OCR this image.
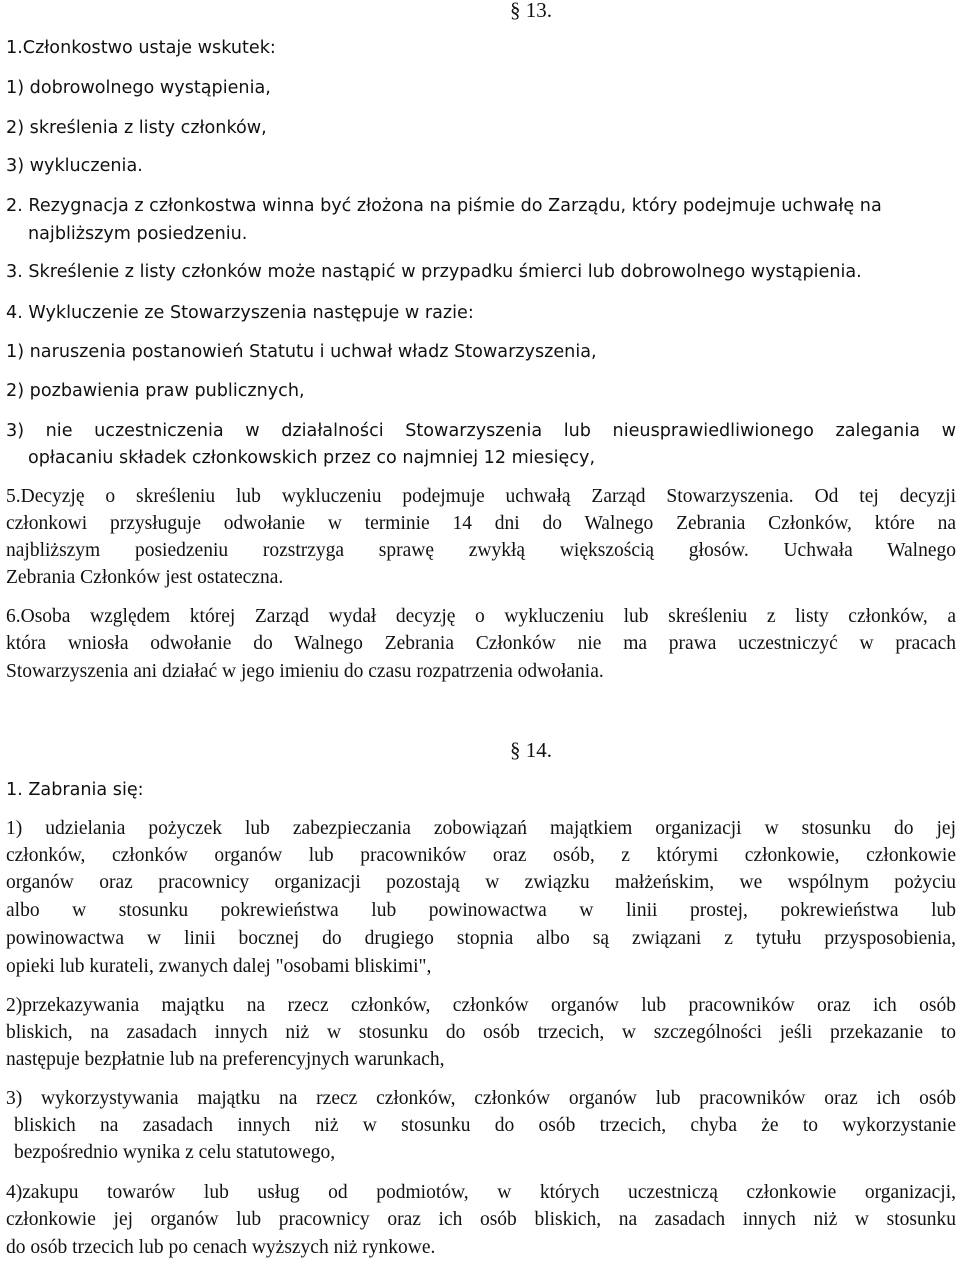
§ 13.
1.Członkostwo ustaje wskutek:
1) dobrowolnego wystąpienia,
2) skreślenia z listy członków,
3) wykluczenia.
2. Rezygnacja z członkostwa winna być złożona na piśmie do Zarządu, który podejmuje uchwałę na
najbliższym posiedzeniu.
3. Skreślenie z listy członków może nastąpić w przypadku śmierci lub dobrowolnego wystąpienia.
4. Wykluczenie ze Stowarzyszenia następuje w razie:
1) naruszenia postanowień Statutu i uchwał władz Stowarzyszenia,
2) pozbawienia praw publicznych,
3) nie uczestniczenia w działalności Stowarzyszenia lub nieusprawiedliwionego zalegania w
opłacaniu składek członkowskich przez co najmniej 12 miesięcy,
5.Decyzję o skreśleniu lub wykluczeniu podejmuje uchwałą Zarząd Stowarzyszenia. Od tej decyzji
członkowi przysługuje odwołanie w terminie 14 dni do Walnego Zebrania Członków, które na
najbliższym posiedzeniu rozstrzyga sprawę zwykłą większością głosów. Uchwała Walnego
Zebrania Członków jest ostateczna.
6.Osoba względem której Zarząd wydał decyzję o wykluczeniu lub skreśleniu z listy członków, a
która wniosła odwołanie do Walnego Zebrania Członków nie ma prawa uczestniczyć w pracach
Stowarzyszenia ani działać w jego imieniu do czasu rozpatrzenia odwołania.
§ 14.
1. Zabrania się:
1) udzielania pożyczek lub zabezpieczania zobowiązań majątkiem organizacji w stosunku do jej
członków, członków organów lub pracowników oraz osób, z którymi członkowie, członkowie
organów oraz pracownicy organizacji pozostają w związku małżeńskim, we wspólnym pożyciu
albo w stosunku pokrewieństwa lub powinowactwa w linii prostej, pokrewieństwa lub
powinowactwa w linii bocznej do drugiego stopnia albo są związani z tytułu przysposobienia,
opieki lub kurateli, zwanych dalej "osobami bliskimi",
2)przekazywania majątku na rzecz członków, członków organów lub pracowników oraz ich osób
bliskich, na zasadach innych niż w stosunku do osób trzecich, w szczególności jeśli przekazanie to
następuje bezpłatnie lub na preferencyjnych warunkach,
3) wykorzystywania majątku na rzecz członków, członków organów lub pracowników oraz ich osób
bliskich na zasadach innych niż w stosunku do osób trzecich, chyba że to wykorzystanie
bezpośrednio wynika z celu statutowego,
4)zakupu towarów lub usług od podmiotów, w których uczestniczą członkowie organizacji,
członkowie jej organów lub pracownicy oraz ich osób bliskich, na zasadach innych niż w stosunku
do osób trzecich lub po cenach wyższych niż rynkowe.
